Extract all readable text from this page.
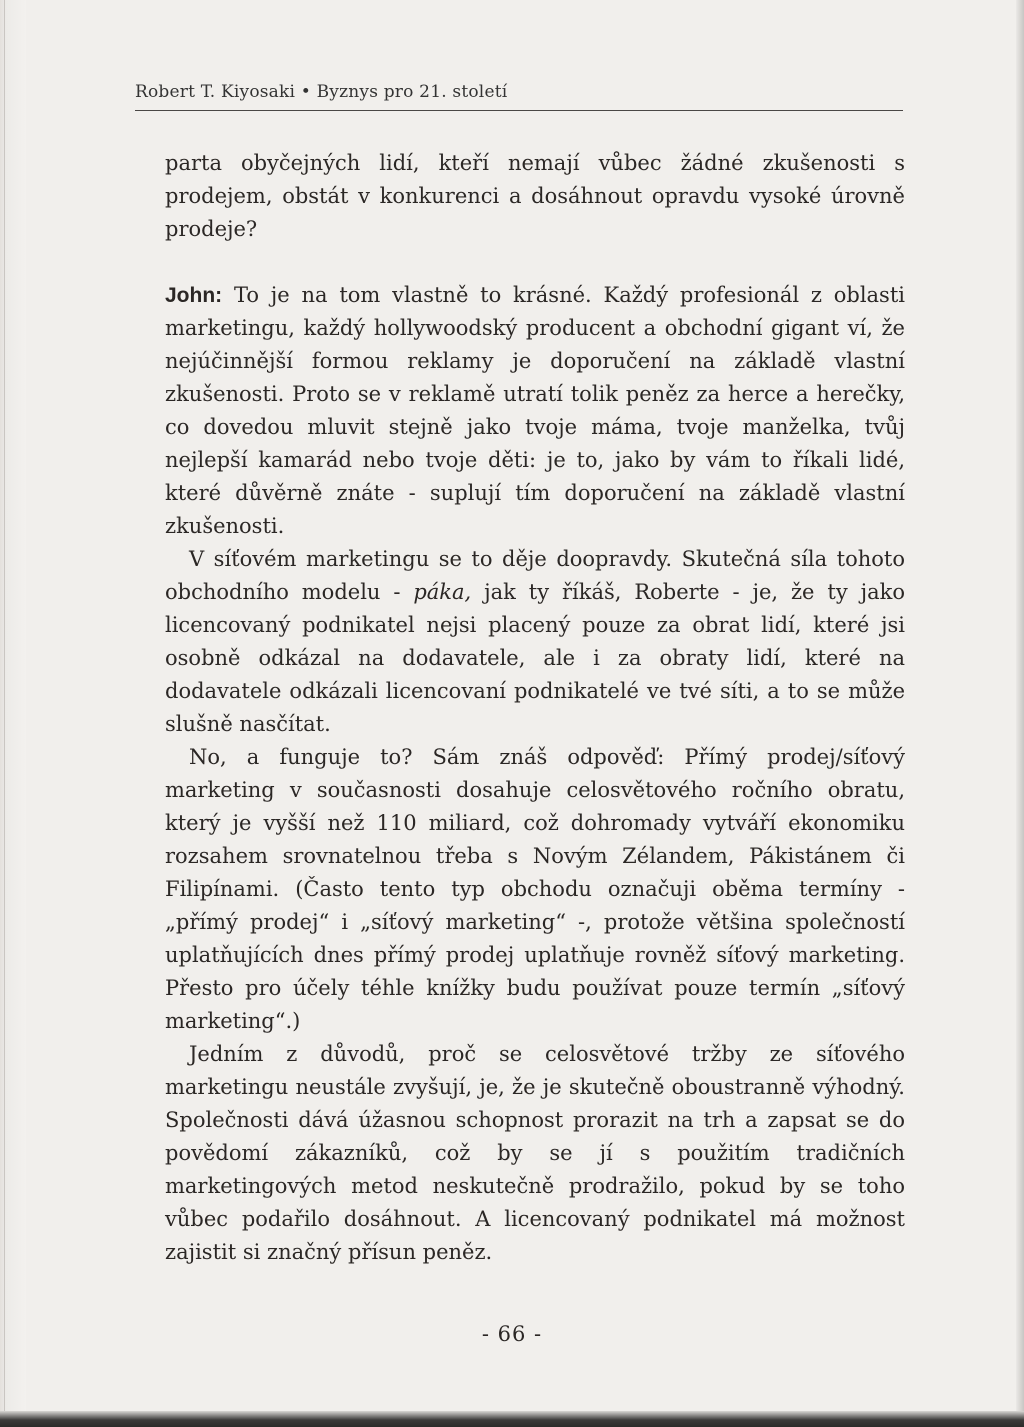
Robert T. Kiyosaki • Byznys pro 21. století

parta obyčejných lidí, kteří nemají vůbec žádné zkušenosti s prodejem, obstát v konkurenci a dosáhnout opravdu vysoké úrovně prodeje?

John: To je na tom vlastně to krásné. Každý profesionál z oblasti marketingu, každý hollywoodský producent a obchodní gigant ví, že nejúčinnější formou reklamy je doporučení na základě vlastní zkušenosti. Proto se v reklamě utratí tolik peněz za herce a herečky, co dovedou mluvit stejně jako tvoje máma, tvoje manželka, tvůj nejlepší kamarád nebo tvoje děti: je to, jako by vám to říkali lidé, které důvěrně znáte - suplují tím doporučení na základě vlastní zkušenosti.

V síťovém marketingu se to děje doopravdy. Skutečná síla tohoto obchodního modelu - páka, jak ty říkáš, Roberte - je, že ty jako licencovaný podnikatel nejsi placený pouze za obrat lidí, které jsi osobně odkázal na dodavatele, ale i za obraty lidí, které na dodavatele odkázali licencovaní podnikatelé ve tvé síti, a to se může slušně nasčítat.

No, a funguje to? Sám znáš odpověď: Přímý prodej/síťový marketing v současnosti dosahuje celosvětového ročního obratu, který je vyšší než 110 miliard, což dohromady vytváří ekonomiku rozsahem srovnatelnou třeba s Novým Zélandem, Pákistánem či Filipínami. (Často tento typ obchodu označuji oběma termíny - „přímý prodej“ i „síťový marketing“ -, protože většina společností uplatňujících dnes přímý prodej uplatňuje rovněž síťový marketing. Přesto pro účely téhle knížky budu používat pouze termín „síťový marketing“.)

Jedním z důvodů, proč se celosvětové tržby ze síťového marketingu neustále zvyšují, je, že je skutečně oboustranně výhodný. Společnosti dává úžasnou schopnost prorazit na trh a zapsat se do povědomí zákazníků, což by se jí s použitím tradičních marketingových metod neskutečně prodražilo, pokud by se toho vůbec podařilo dosáhnout. A licencovaný podnikatel má možnost zajistit si značný přísun peněz.

- 66 -
